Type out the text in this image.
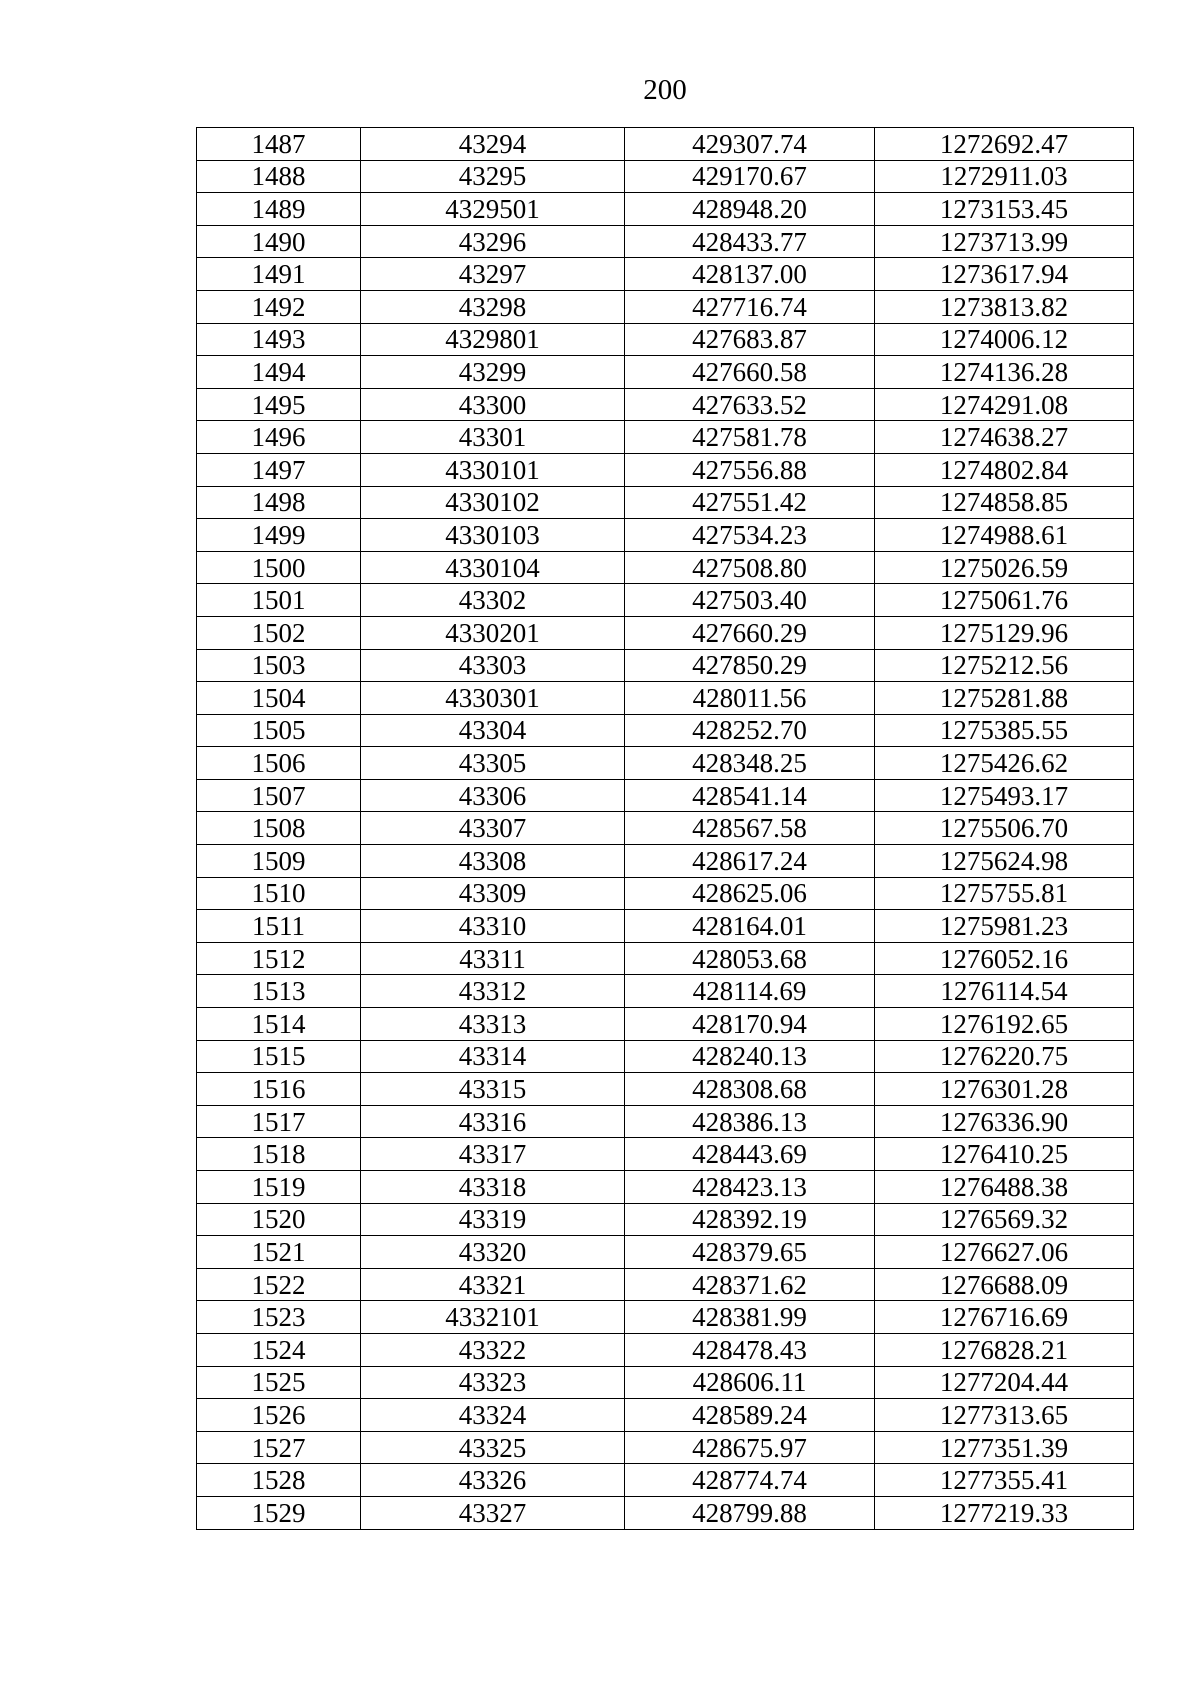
200
1487	43294	429307.74	1272692.47
1488	43295	429170.67	1272911.03
1489	4329501	428948.20	1273153.45
1490	43296	428433.77	1273713.99
1491	43297	428137.00	1273617.94
1492	43298	427716.74	1273813.82
1493	4329801	427683.87	1274006.12
1494	43299	427660.58	1274136.28
1495	43300	427633.52	1274291.08
1496	43301	427581.78	1274638.27
1497	4330101	427556.88	1274802.84
1498	4330102	427551.42	1274858.85
1499	4330103	427534.23	1274988.61
1500	4330104	427508.80	1275026.59
1501	43302	427503.40	1275061.76
1502	4330201	427660.29	1275129.96
1503	43303	427850.29	1275212.56
1504	4330301	428011.56	1275281.88
1505	43304	428252.70	1275385.55
1506	43305	428348.25	1275426.62
1507	43306	428541.14	1275493.17
1508	43307	428567.58	1275506.70
1509	43308	428617.24	1275624.98
1510	43309	428625.06	1275755.81
1511	43310	428164.01	1275981.23
1512	43311	428053.68	1276052.16
1513	43312	428114.69	1276114.54
1514	43313	428170.94	1276192.65
1515	43314	428240.13	1276220.75
1516	43315	428308.68	1276301.28
1517	43316	428386.13	1276336.90
1518	43317	428443.69	1276410.25
1519	43318	428423.13	1276488.38
1520	43319	428392.19	1276569.32
1521	43320	428379.65	1276627.06
1522	43321	428371.62	1276688.09
1523	4332101	428381.99	1276716.69
1524	43322	428478.43	1276828.21
1525	43323	428606.11	1277204.44
1526	43324	428589.24	1277313.65
1527	43325	428675.97	1277351.39
1528	43326	428774.74	1277355.41
1529	43327	428799.88	1277219.33
